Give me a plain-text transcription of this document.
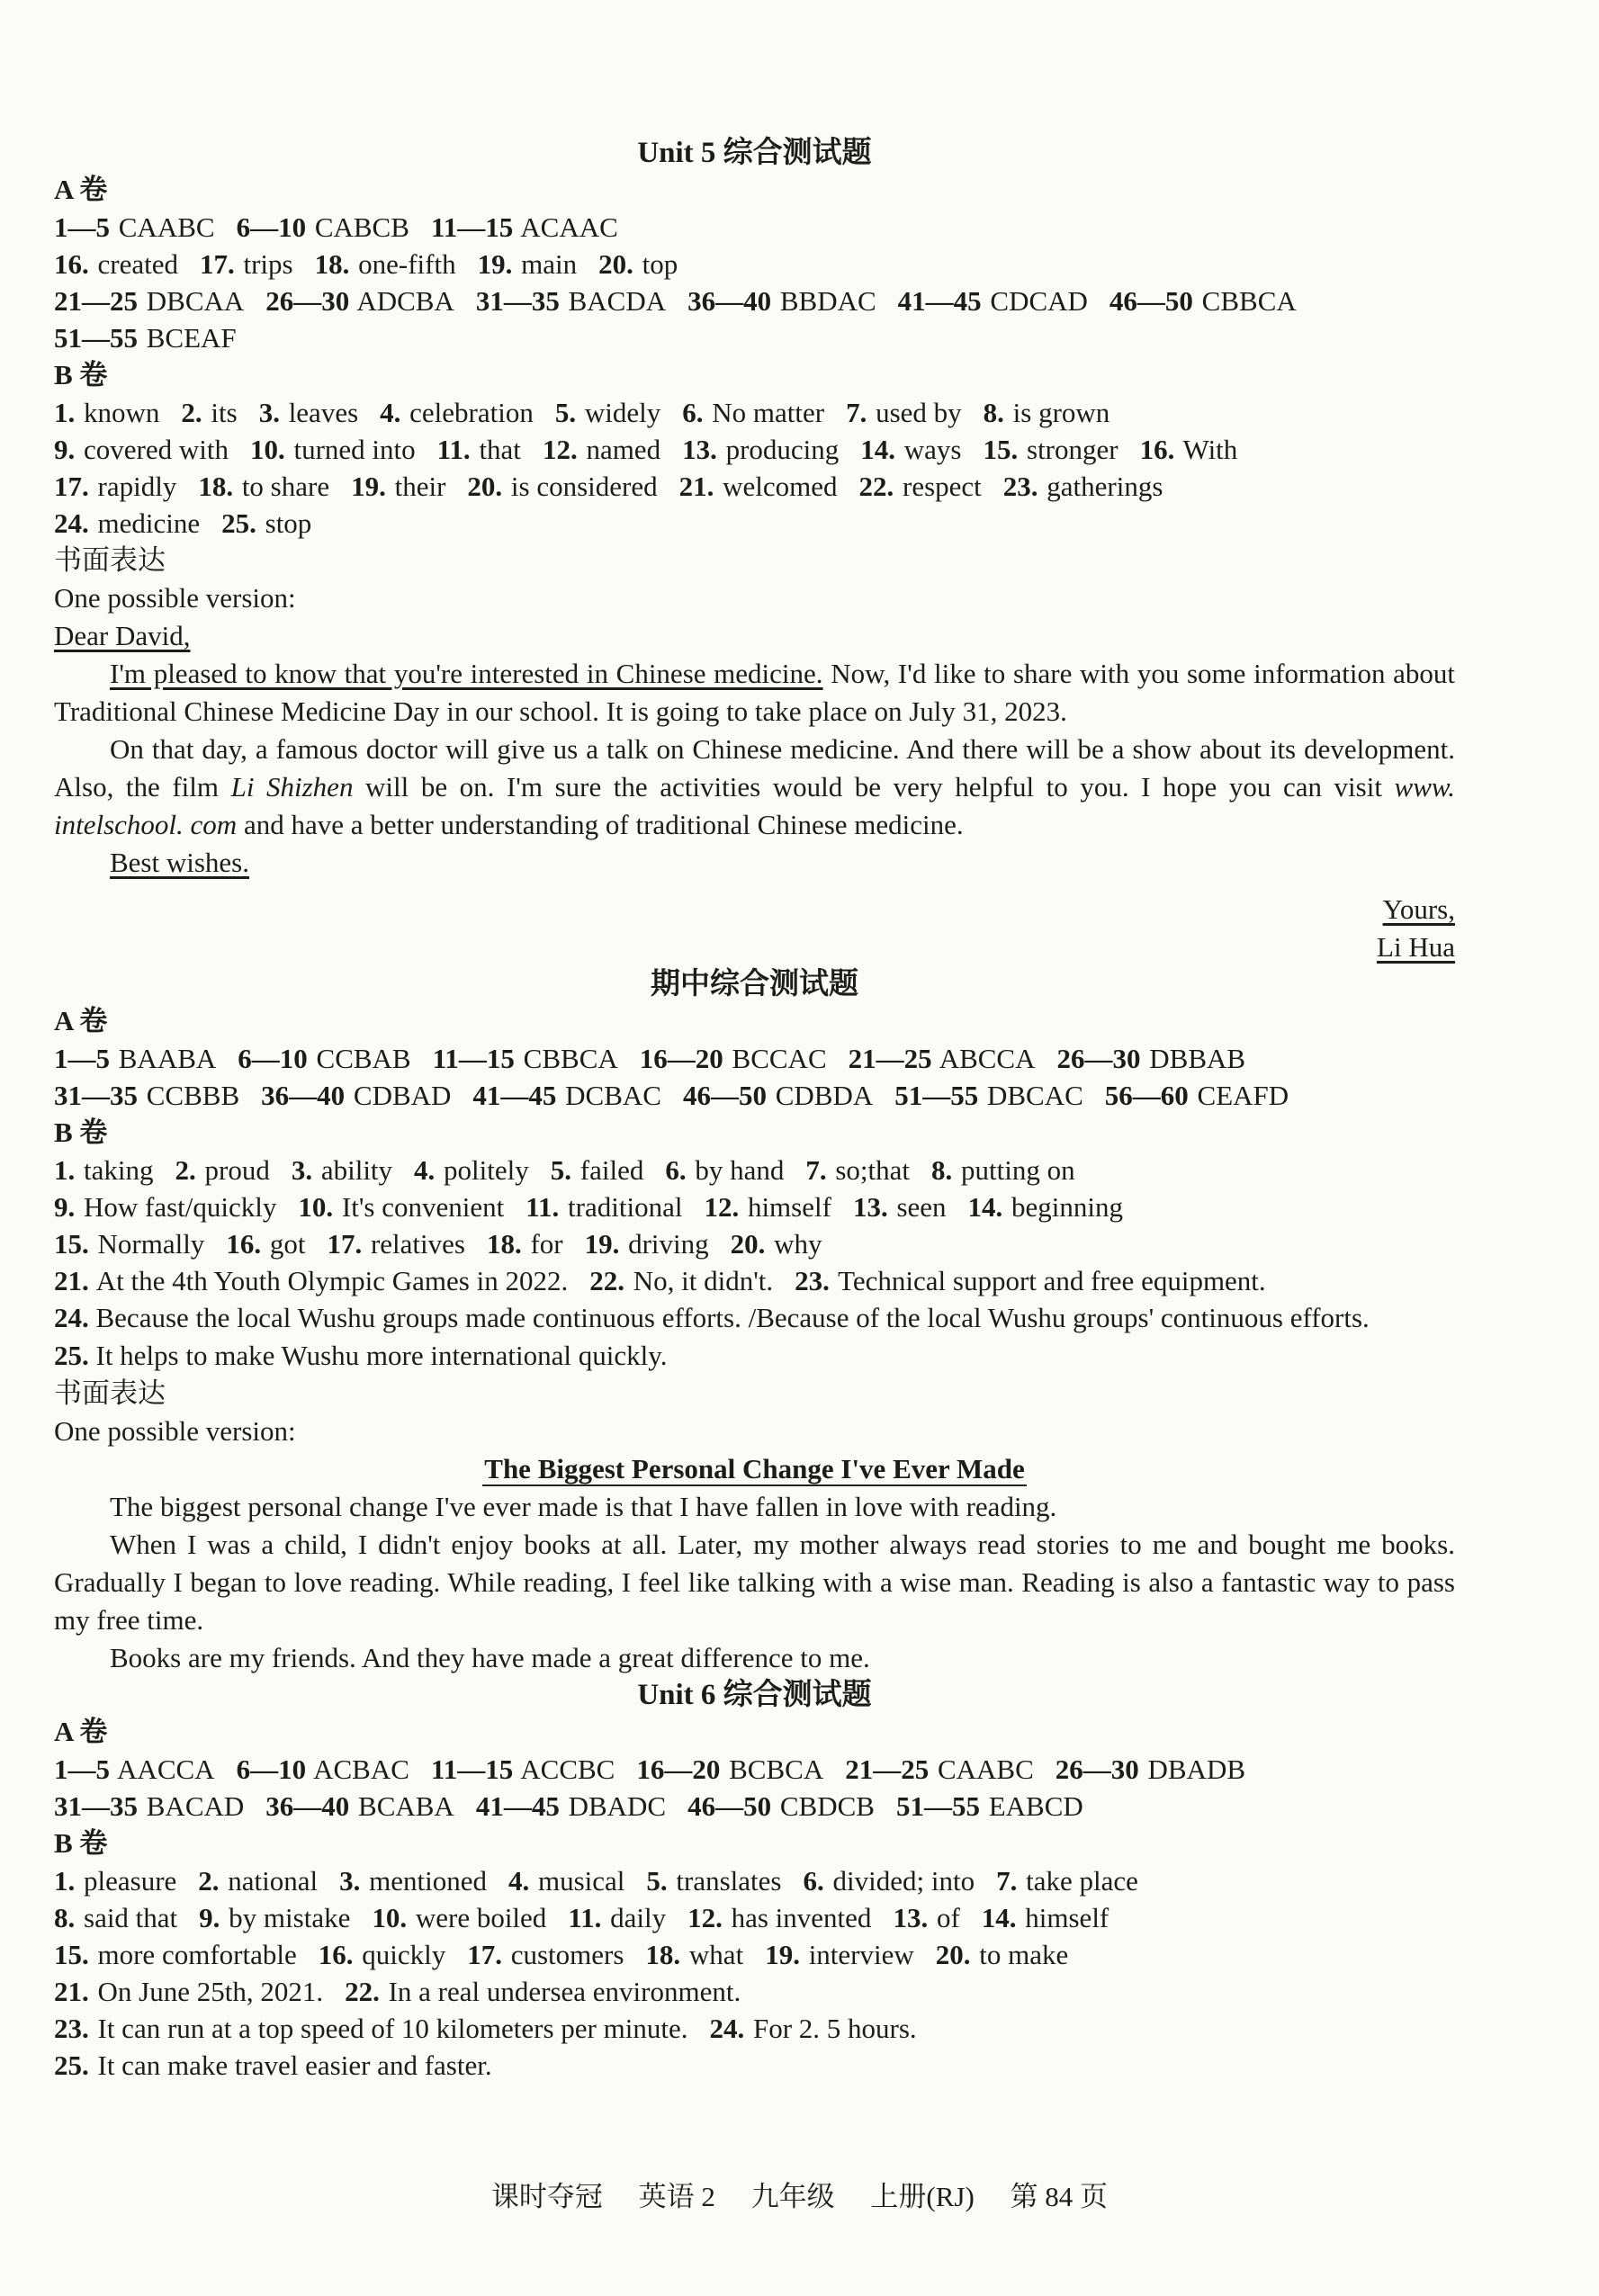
Unit 5 综合测试题
A 卷
1—5 CAABC 6—10 CABCB 11—15 ACAAC
16. created 17. trips 18. one-fifth 19. main 20. top
21—25 DBCAA 26—30 ADCBA 31—35 BACDA 36—40 BBDAC 41—45 CDCAD 46—50 CBBCA
51—55 BCEAF
B 卷
1. known 2. its 3. leaves 4. celebration 5. widely 6. No matter 7. used by 8. is grown
9. covered with 10. turned into 11. that 12. named 13. producing 14. ways 15. stronger 16. With
17. rapidly 18. to share 19. their 20. is considered 21. welcomed 22. respect 23. gatherings
24. medicine 25. stop
书面表达
One possible version:
Dear David,
I'm pleased to know that you're interested in Chinese medicine. Now, I'd like to share with you some information about Traditional Chinese Medicine Day in our school. It is going to take place on July 31, 2023.
On that day, a famous doctor will give us a talk on Chinese medicine. And there will be a show about its development. Also, the film Li Shizhen will be on. I'm sure the activities would be very helpful to you. I hope you can visit www. intelschool. com and have a better understanding of traditional Chinese medicine.
Best wishes.
Yours,
Li Hua
期中综合测试题
A 卷
1—5 BAABA 6—10 CCBAB 11—15 CBBCA 16—20 BCCAC 21—25 ABCCA 26—30 DBBAB
31—35 CCBBB 36—40 CDBAD 41—45 DCBAC 46—50 CDBDA 51—55 DBCAC 56—60 CEAFD
B 卷
1. taking 2. proud 3. ability 4. politely 5. failed 6. by hand 7. so;that 8. putting on
9. How fast/quickly 10. It's convenient 11. traditional 12. himself 13. seen 14. beginning
15. Normally 16. got 17. relatives 18. for 19. driving 20. why
21. At the 4th Youth Olympic Games in 2022. 22. No, it didn't. 23. Technical support and free equipment.
24. Because the local Wushu groups made continuous efforts. /Because of the local Wushu groups' continuous efforts.
25. It helps to make Wushu more international quickly.
书面表达
One possible version:
The Biggest Personal Change I've Ever Made
The biggest personal change I've ever made is that I have fallen in love with reading.
When I was a child, I didn't enjoy books at all. Later, my mother always read stories to me and bought me books. Gradually I began to love reading. While reading, I feel like talking with a wise man. Reading is also a fantastic way to pass my free time.
Books are my friends. And they have made a great difference to me.
Unit 6 综合测试题
A 卷
1—5 AACCA 6—10 ACBAC 11—15 ACCBC 16—20 BCBCA 21—25 CAABC 26—30 DBADB
31—35 BACAD 36—40 BCABA 41—45 DBADC 46—50 CBDCB 51—55 EABCD
B 卷
1. pleasure 2. national 3. mentioned 4. musical 5. translates 6. divided; into 7. take place
8. said that 9. by mistake 10. were boiled 11. daily 12. has invented 13. of 14. himself
15. more comfortable 16. quickly 17. customers 18. what 19. interview 20. to make
21. On June 25th, 2021. 22. In a real undersea environment.
23. It can run at a top speed of 10 kilometers per minute. 24. For 2. 5 hours.
25. It can make travel easier and faster.
课时夺冠 英语 2 九年级 上册(RJ) 第 84 页
